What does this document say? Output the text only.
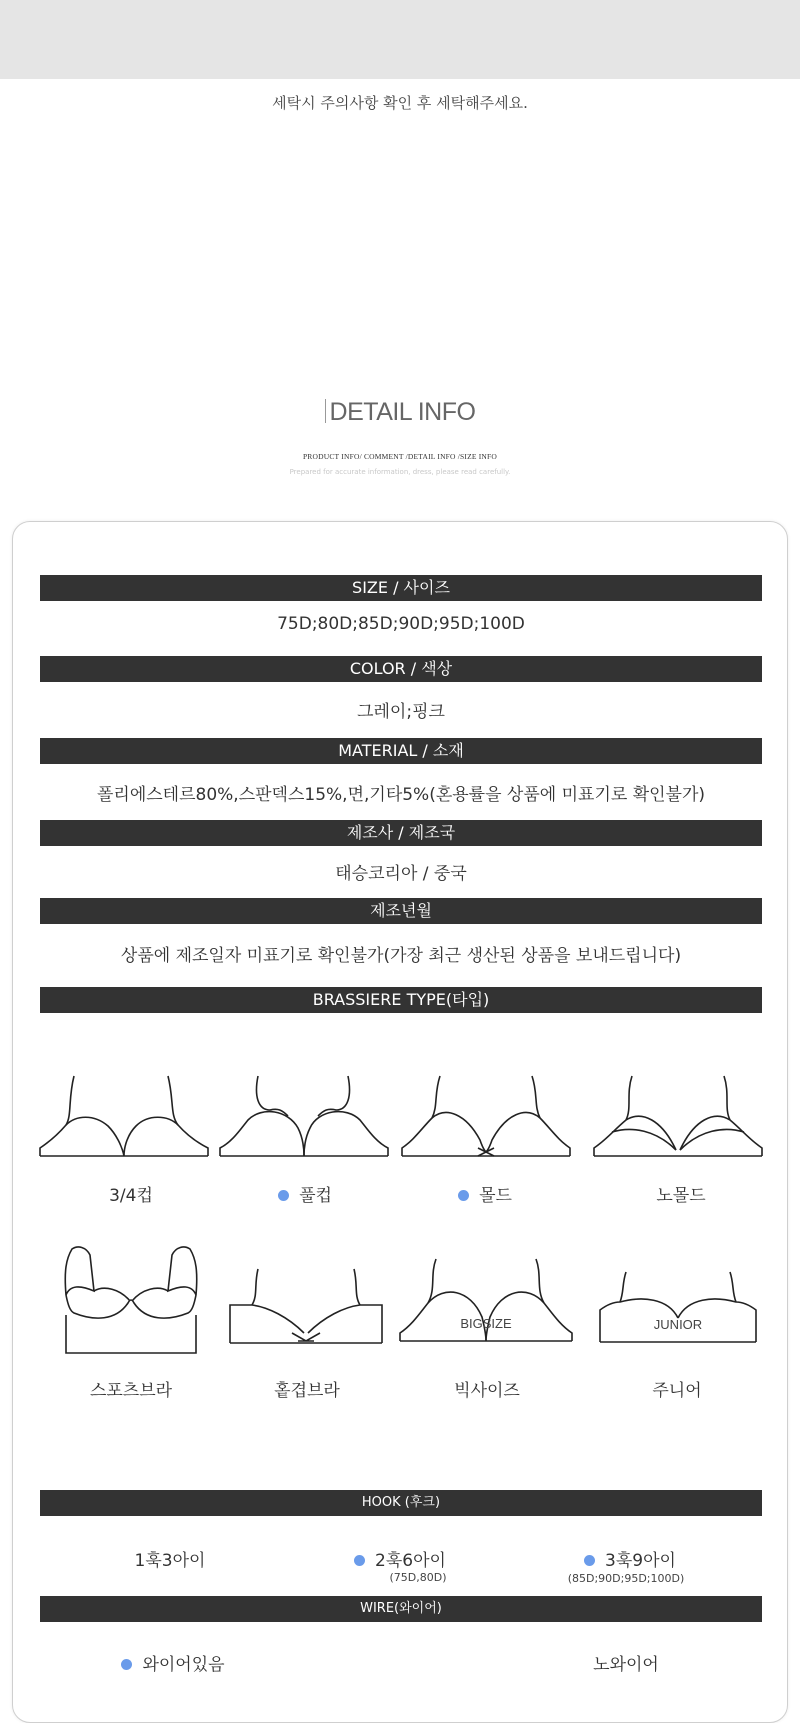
세탁시 주의사항 확인 후 세탁해주세요.
DETAIL INFO
PRODUCT INFO/ COMMENT /DETAIL INFO /SIZE INFO
Prepared for accurate information, dress, please read carefully.
SIZE / 사이즈
75D;80D;85D;90D;95D;100D
COLOR / 색상
그레이;핑크
MATERIAL / 소재
폴리에스테르80%,스판덱스15%,면,기타5%(혼용률을 상품에 미표기로 확인불가)
제조사 / 제조국
태승코리아 / 중국
제조년월
상품에 제조일자 미표기로 확인불가(가장 최근 생산된 상품을 보내드립니다)
BRASSIERE TYPE(타입)
3/4컵	풀컵	몰드	노몰드
BIGSIZE	JUNIOR
스포츠브라	홑겹브라	빅사이즈	주니어
HOOK (후크)
1훅3아이	2훅6아이
(75D,80D)
3훅9아이
(85D;90D;95D;100D)
WIRE(와이어)
와이어있음	노와이어
